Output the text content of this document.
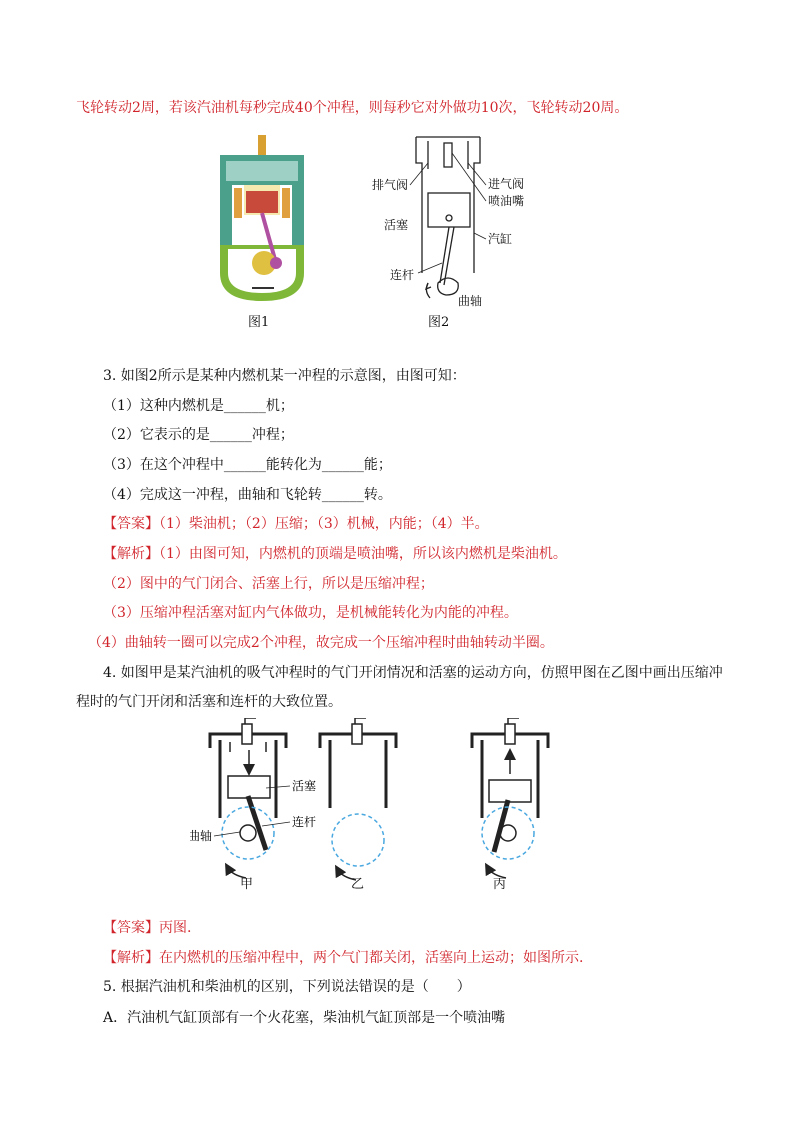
飞轮转动2周，若该汽油机每秒完成40个冲程，则每秒它对外做功10次，飞轮转动20周。
图1
排气阀	进气阀
喷油嘴
活塞
汽缸
连杆
曲轴
图2
3. 如图2所示是某种内燃机某一冲程的示意图，由图可知：
（1）这种内燃机是______机；
（2）它表示的是______冲程；
（3）在这个冲程中______能转化为______能；
（4）完成这一冲程，曲轴和飞轮转______转。
【答案】（1）柴油机；（2）压缩；（3）机械，内能；（4）半。
【解析】（1）由图可知，内燃机的顶端是喷油嘴，所以该内燃机是柴油机。
（2）图中的气门闭合、活塞上行，所以是压缩冲程；
（3）压缩冲程活塞对缸内气体做功，是机械能转化为内能的冲程。
（4）曲轴转一圈可以完成2个冲程，故完成一个压缩冲程时曲轴转动半圈。
4. 如图甲是某汽油机的吸气冲程时的气门开闭情况和活塞的运动方向，仿照甲图在乙图中画出压缩冲
程时的气门开闭和活塞和连杆的大致位置。
活塞
连杆
曲轴
甲	乙	丙
【答案】丙图.
【解析】在内燃机的压缩冲程中，两个气门都关闭，活塞向上运动；如图所示.
5. 根据汽油机和柴油机的区别，下列说法错误的是（　　）
A．汽油机气缸顶部有一个火花塞，柴油机气缸顶部是一个喷油嘴
